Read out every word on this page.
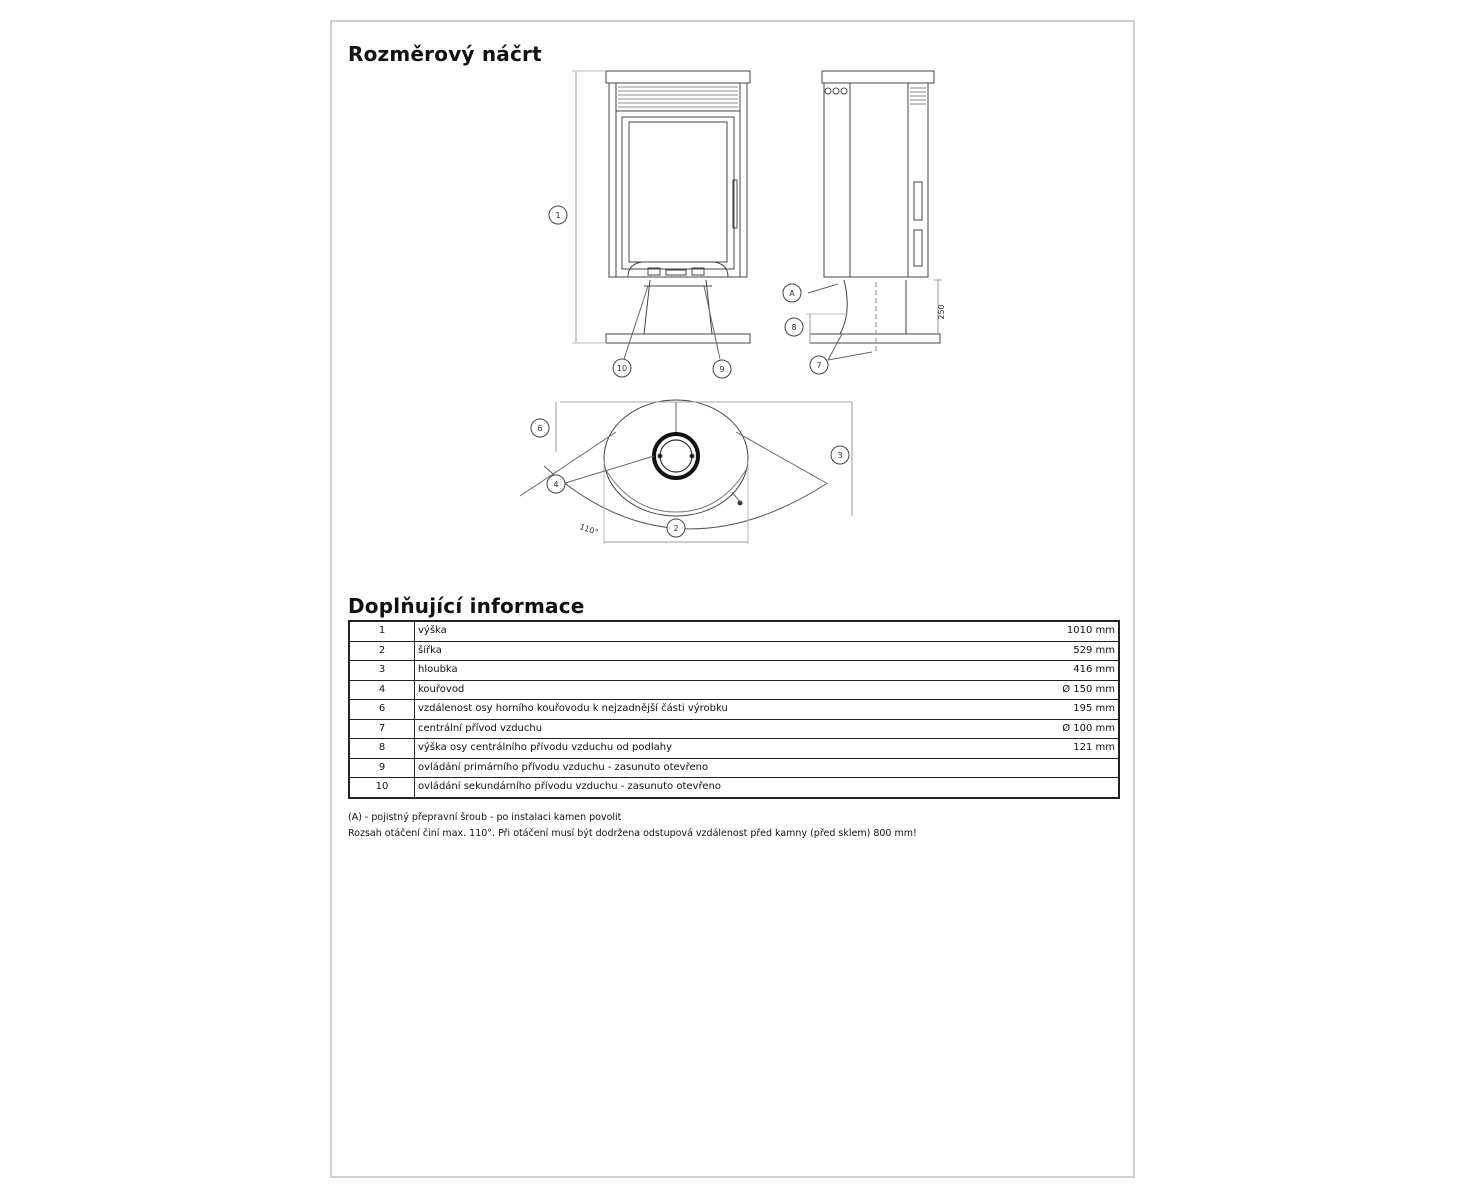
Rozměrový náčrt
1
10	9
A
8
7
6
3
4
2
250
110°
Doplňující informace
1	výška	1010 mm
2	šířka	529 mm
3	hloubka	416 mm
4	kouřovod	Ø 150 mm
6	vzdálenost osy horního kouřovodu k nejzadnější části výrobku	195 mm
7	centrální přívod vzduchu	Ø 100 mm
8	výška osy centrálního přívodu vzduchu od podlahy	121 mm
9	ovládání primárního přívodu vzduchu - zasunuto otevřeno	
10	ovládání sekundárního přívodu vzduchu - zasunuto otevřeno	
(A) - pojistný přepravní šroub - po instalaci kamen povolit
Rozsah otáčení činí max. 110°. Při otáčení musí být dodržena odstupová vzdálenost před kamny (před sklem) 800 mm!
